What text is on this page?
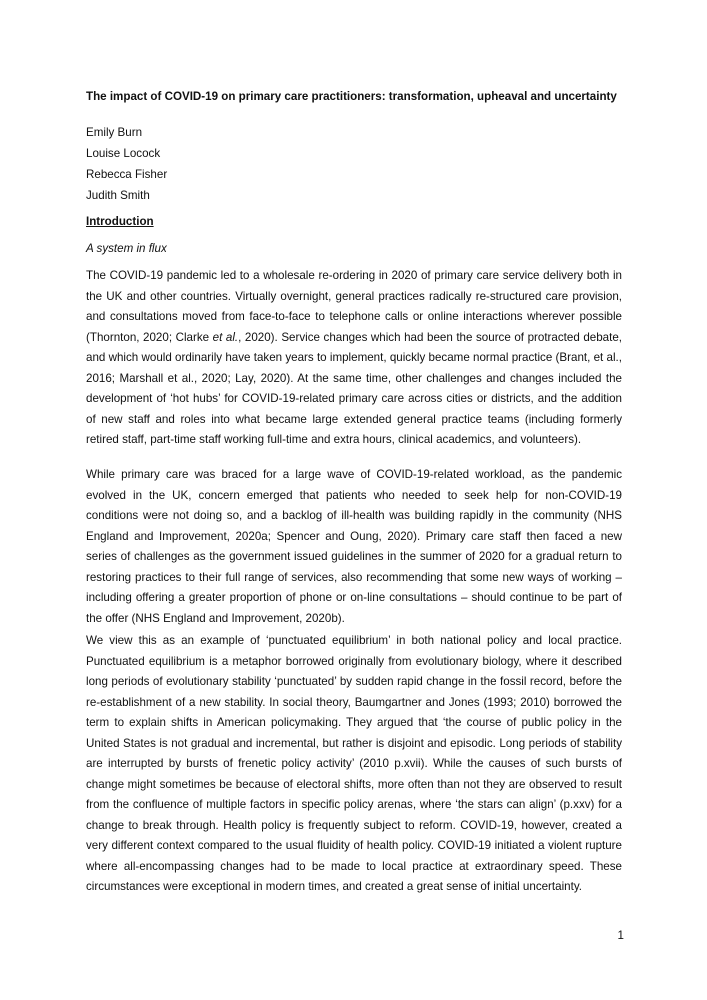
The impact of COVID-19 on primary care practitioners: transformation, upheaval and uncertainty
Emily Burn
Louise Locock
Rebecca Fisher
Judith Smith
Introduction
A system in flux

The COVID-19 pandemic led to a wholesale re-ordering in 2020 of primary care service delivery both in the UK and other countries. Virtually overnight, general practices radically re-structured care provision, and consultations moved from face-to-face to telephone calls or online interactions wherever possible (Thornton, 2020; Clarke et al., 2020). Service changes which had been the source of protracted debate, and which would ordinarily have taken years to implement, quickly became normal practice (Brant, et al., 2016; Marshall et al., 2020; Lay, 2020). At the same time, other challenges and changes included the development of ‘hot hubs’ for COVID-19-related primary care across cities or districts, and the addition of new staff and roles into what became large extended general practice teams (including formerly retired staff, part-time staff working full-time and extra hours, clinical academics, and volunteers).

While primary care was braced for a large wave of COVID-19-related workload, as the pandemic evolved in the UK, concern emerged that patients who needed to seek help for non-COVID-19 conditions were not doing so, and a backlog of ill-health was building rapidly in the community (NHS England and Improvement, 2020a; Spencer and Oung, 2020). Primary care staff then faced a new series of challenges as the government issued guidelines in the summer of 2020 for a gradual return to restoring practices to their full range of services, also recommending that some new ways of working – including offering a greater proportion of phone or on-line consultations – should continue to be part of the offer (NHS England and Improvement, 2020b).

We view this as an example of ‘punctuated equilibrium’ in both national policy and local practice. Punctuated equilibrium is a metaphor borrowed originally from evolutionary biology, where it described long periods of evolutionary stability ‘punctuated’ by sudden rapid change in the fossil record, before the re-establishment of a new stability. In social theory, Baumgartner and Jones (1993; 2010) borrowed the term to explain shifts in American policymaking. They argued that ‘the course of public policy in the United States is not gradual and incremental, but rather is disjoint and episodic. Long periods of stability are interrupted by bursts of frenetic policy activity’ (2010 p.xvii). While the causes of such bursts of change might sometimes be because of electoral shifts, more often than not they are observed to result from the confluence of multiple factors in specific policy arenas, where ‘the stars can align’ (p.xxv) for a change to break through. Health policy is frequently subject to reform. COVID-19, however, created a very different context compared to the usual fluidity of health policy. COVID-19 initiated a violent rupture where all-encompassing changes had to be made to local practice at extraordinary speed. These circumstances were exceptional in modern times, and created a great sense of initial uncertainty.

1
